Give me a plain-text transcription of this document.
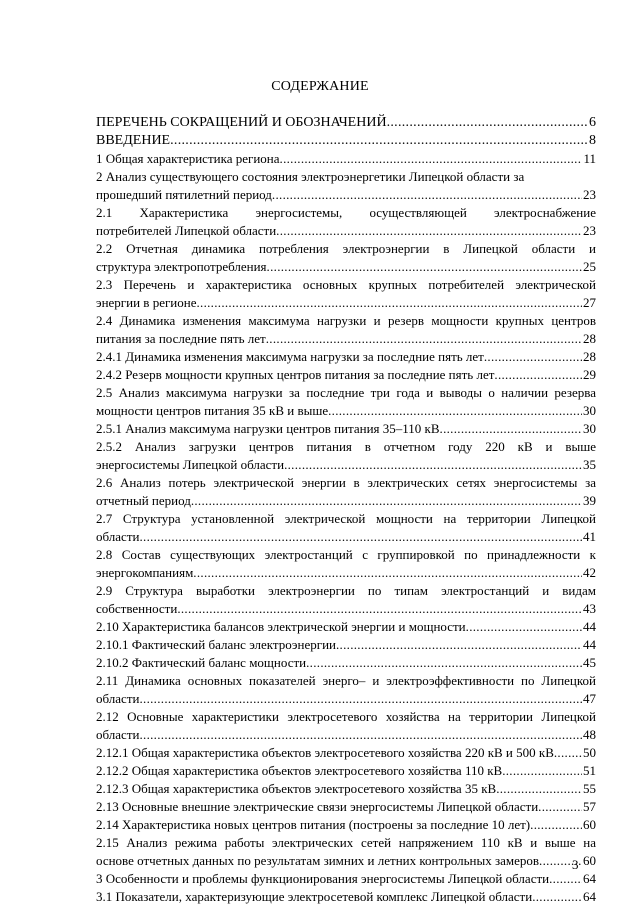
СОДЕРЖАНИЕ
ПЕРЕЧЕНЬ СОКРАЩЕНИЙ И ОБОЗНАЧЕНИЙ .....	6
ВВЕДЕНИЕ .....	8
1 Общая характеристика региона .....	11
2 Анализ существующего состояния электроэнергетики Липецкой области за
прошедший пятилетний период .....	23
2.1 Характеристика энергосистемы, осуществляющей электроснабжение
потребителей Липецкой области .....	23
2.2 Отчетная динамика потребления электроэнергии в Липецкой области и
структура электропотребления .....	25
2.3 Перечень и характеристика основных крупных потребителей электрической
энергии в регионе .....	27
2.4 Динамика изменения максимума нагрузки и резерв мощности крупных центров
питания за последние пять лет .....	28
2.4.1 Динамика изменения максимума нагрузки за последние пять лет .....	28
2.4.2 Резерв мощности крупных центров питания за последние пять лет .....	29
2.5 Анализ максимума нагрузки за последние три года и выводы о наличии резерва
мощности центров питания 35 кВ и выше .....	30
2.5.1 Анализ максимума нагрузки центров питания 35–110 кВ .....	30
2.5.2 Анализ загрузки центров питания в отчетном году 220 кВ и выше
энергосистемы Липецкой области .....	35
2.6 Анализ потерь электрической энергии в электрических сетях энергосистемы за
отчетный период .....	39
2.7 Структура установленной электрической мощности на территории Липецкой
области .....	41
2.8 Состав существующих электростанций с группировкой по принадлежности к
энергокомпаниям .....	42
2.9 Структура выработки электроэнергии по типам электростанций и видам
собственности .....	43
2.10 Характеристика балансов электрической энергии и мощности .....	44
2.10.1 Фактический баланс электроэнергии .....	44
2.10.2 Фактический баланс мощности .....	45
2.11 Динамика основных показателей энерго– и электроэффективности по Липецкой
области .....	47
2.12 Основные характеристики электросетевого хозяйства на территории Липецкой
области .....	48
2.12.1 Общая характеристика объектов электросетевого хозяйства 220 кВ и 500 кВ ..... 50
2.12.2 Общая характеристика объектов электросетевого хозяйства 110 кВ .....	51
2.12.3 Общая характеристика объектов электросетевого хозяйства 35 кВ .....	55
2.13 Основные внешние электрические связи энергосистемы Липецкой области .....	57
2.14 Характеристика новых центров питания (построены за последние 10 лет) .....	60
2.15 Анализ режима работы электрических сетей напряжением 110 кВ и выше на
основе отчетных данных по результатам зимних и летних контрольных замеров .....	60
3 Особенности и проблемы функционирования энергосистемы Липецкой области .....	64
3.1 Показатели, характеризующие электросетевой комплекс Липецкой области .....	64
3
